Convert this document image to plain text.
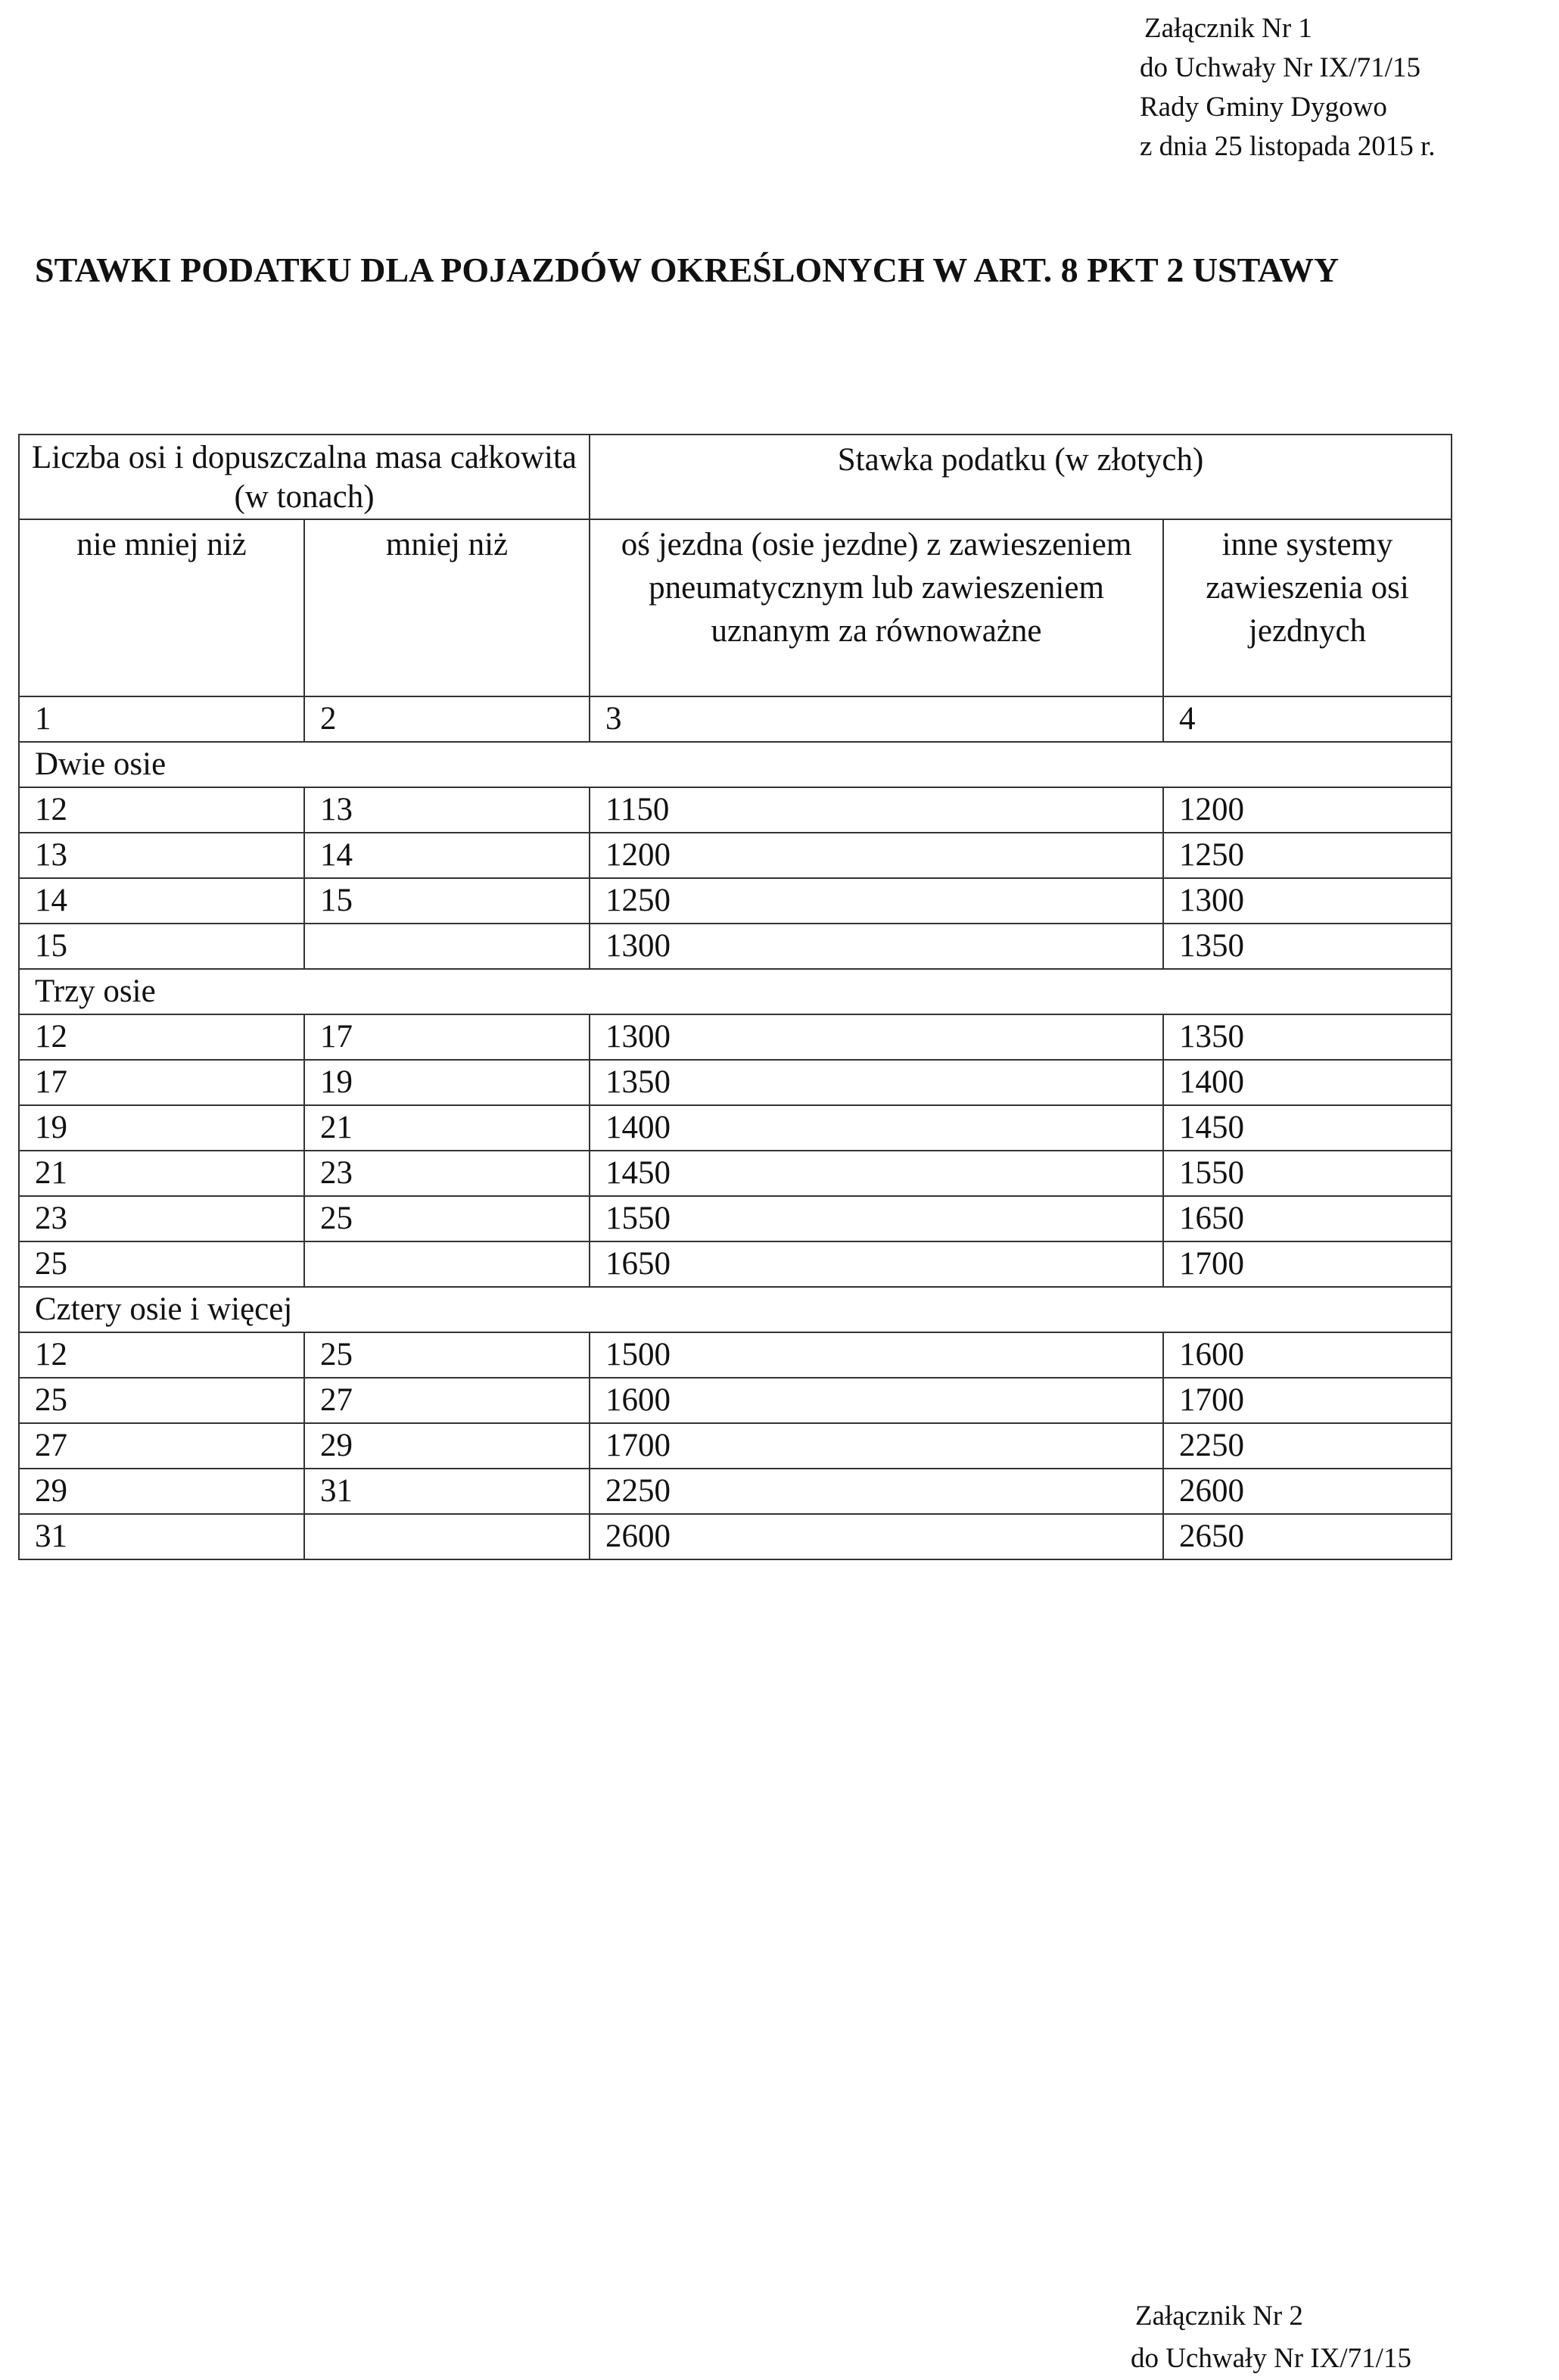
Załącznik Nr 1
do Uchwały Nr IX/71/15
Rady Gminy Dygowo
z dnia 25 listopada 2015 r.
STAWKI PODATKU DLA POJAZDÓW OKREŚLONYCH W ART. 8 PKT 2 USTAWY
Liczba osi i dopuszczalna masa całkowita (w tonach)		Stawka podatku (w złotych)	
nie mniej niż	mniej niż	oś jezdna (osie jezdne) z zawieszeniem pneumatycznym lub zawieszeniem uznanym za równoważne	inne systemy zawieszenia osi jezdnych
1	2	3	4
Dwie osie			
12	13	1150	1200
13	14	1200	1250
14	15	1250	1300
15		1300	1350
Trzy osie			
12	17	1300	1350
17	19	1350	1400
19	21	1400	1450
21	23	1450	1550
23	25	1550	1650
25		1650	1700
Cztery osie i więcej			
12	25	1500	1600
25	27	1600	1700
27	29	1700	2250
29	31	2250	2600
31		2600	2650
Załącznik Nr 2
do Uchwały Nr IX/71/15
